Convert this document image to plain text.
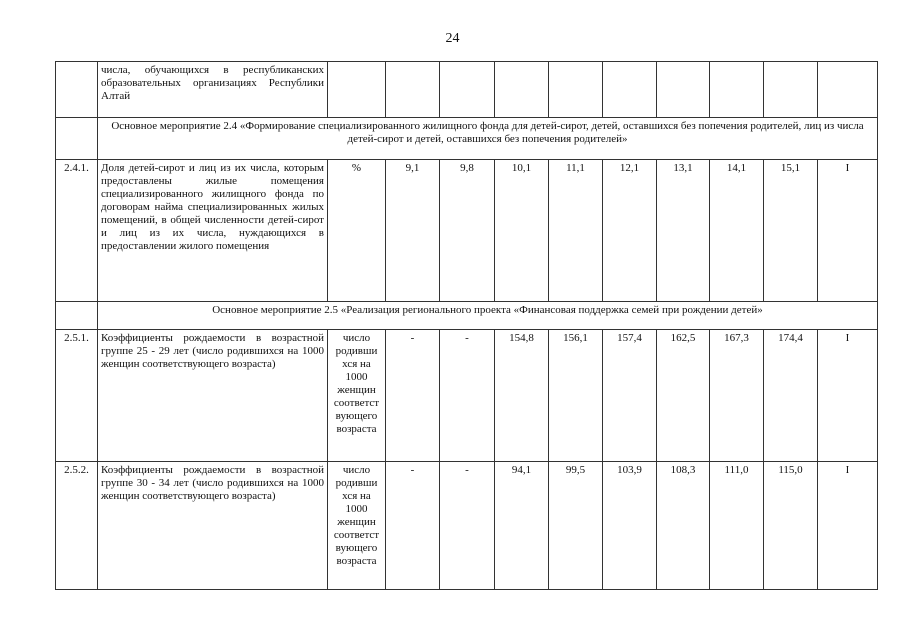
24
	числа, обучающихся в республиканских образовательных организациях Республики Алтай										
	Основное мероприятие 2.4 «Формирование специализированного жилищного фонда для детей-сирот, детей, оставшихся без попечения родителей, лиц из числа детей-сирот и детей, оставшихся без попечения родителей»										
2.4.1.	Доля детей-сирот и лиц из их числа, которым предоставлены жилые помещения специализированного жилищного фонда по договорам найма специализированных жилых помещений, в общей численности детей-сирот и лиц из их числа, нуждающихся в предоставлении жилого помещения	%	9,1	9,8	10,1	11,1	12,1	13,1	14,1	15,1	I
	Основное мероприятие 2.5 «Реализация регионального проекта «Финансовая поддержка семей при рождении детей»										
2.5.1.	Коэффициенты рождаемости в возрастной группе 25 - 29 лет (число родившихся на 1000 женщин соответствующего возраста)	число родивши хся на 1000 женщин соответст вующего возраста	-	-	154,8	156,1	157,4	162,5	167,3	174,4	I
2.5.2.	Коэффициенты рождаемости в возрастной группе 30 - 34 лет (число родившихся на 1000 женщин соответствующего возраста)	число родивши хся на 1000 женщин соответст вующего возраста	-	-	94,1	99,5	103,9	108,3	111,0	115,0	I
